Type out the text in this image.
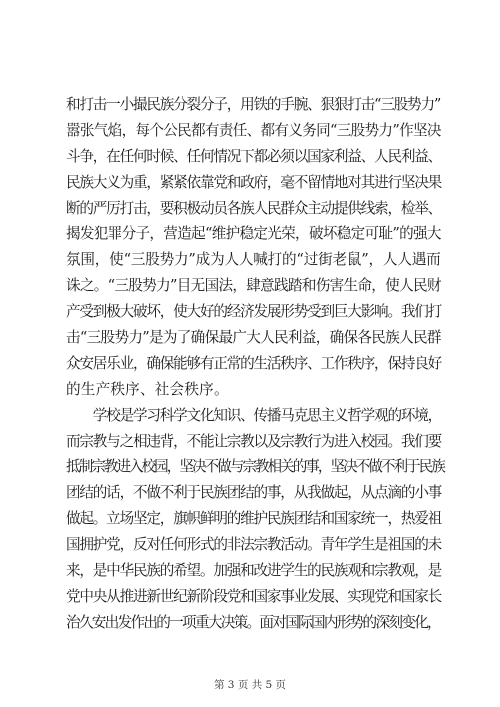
和打击一小撮民族分裂分子，用铁的手腕、狠狠打击“三股势力”
嚣张气焰，每个公民都有责任、都有义务同“三股势力”作坚决
斗争，在任何时候、任何情况下都必须以国家利益、人民利益、
民族大义为重，紧紧依靠党和政府，毫不留情地对其进行坚决果
断的严厉打击，要积极动员各族人民群众主动提供线索，检举、
揭发犯罪分子，营造起“维护稳定光荣，破坏稳定可耻”的强大
氛围，使“三股势力”成为人人喊打的“过街老鼠”，人人遇而
诛之。“三股势力”目无国法，肆意践踏和伤害生命，使人民财
产受到极大破坏，使大好的经济发展形势受到巨大影响。我们打
击“三股势力”是为了确保最广大人民利益，确保各民族人民群
众安居乐业，确保能够有正常的生活秩序、工作秩序，保持良好
的生产秩序、社会秩序。
　　学校是学习科学文化知识、传播马克思主义哲学观的环境，
而宗教与之相违背，不能让宗教以及宗教行为进入校园。我们要
抵制宗教进入校园，坚决不做与宗教相关的事，坚决不做不利于民族
团结的话，不做不利于民族团结的事，从我做起，从点滴的小事
做起。立场坚定，旗帜鲜明的维护民族团结和国家统一，热爱祖
国拥护党，反对任何形式的非法宗教活动。青年学生是祖国的未
来，是中华民族的希望。加强和改进学生的民族观和宗教观，是
党中央从推进新世纪新阶段党和国家事业发展、实现党和国家长
治久安出发作出的一项重大决策。面对国际国内形势的深刻变化，
第 3 页 共 5 页
